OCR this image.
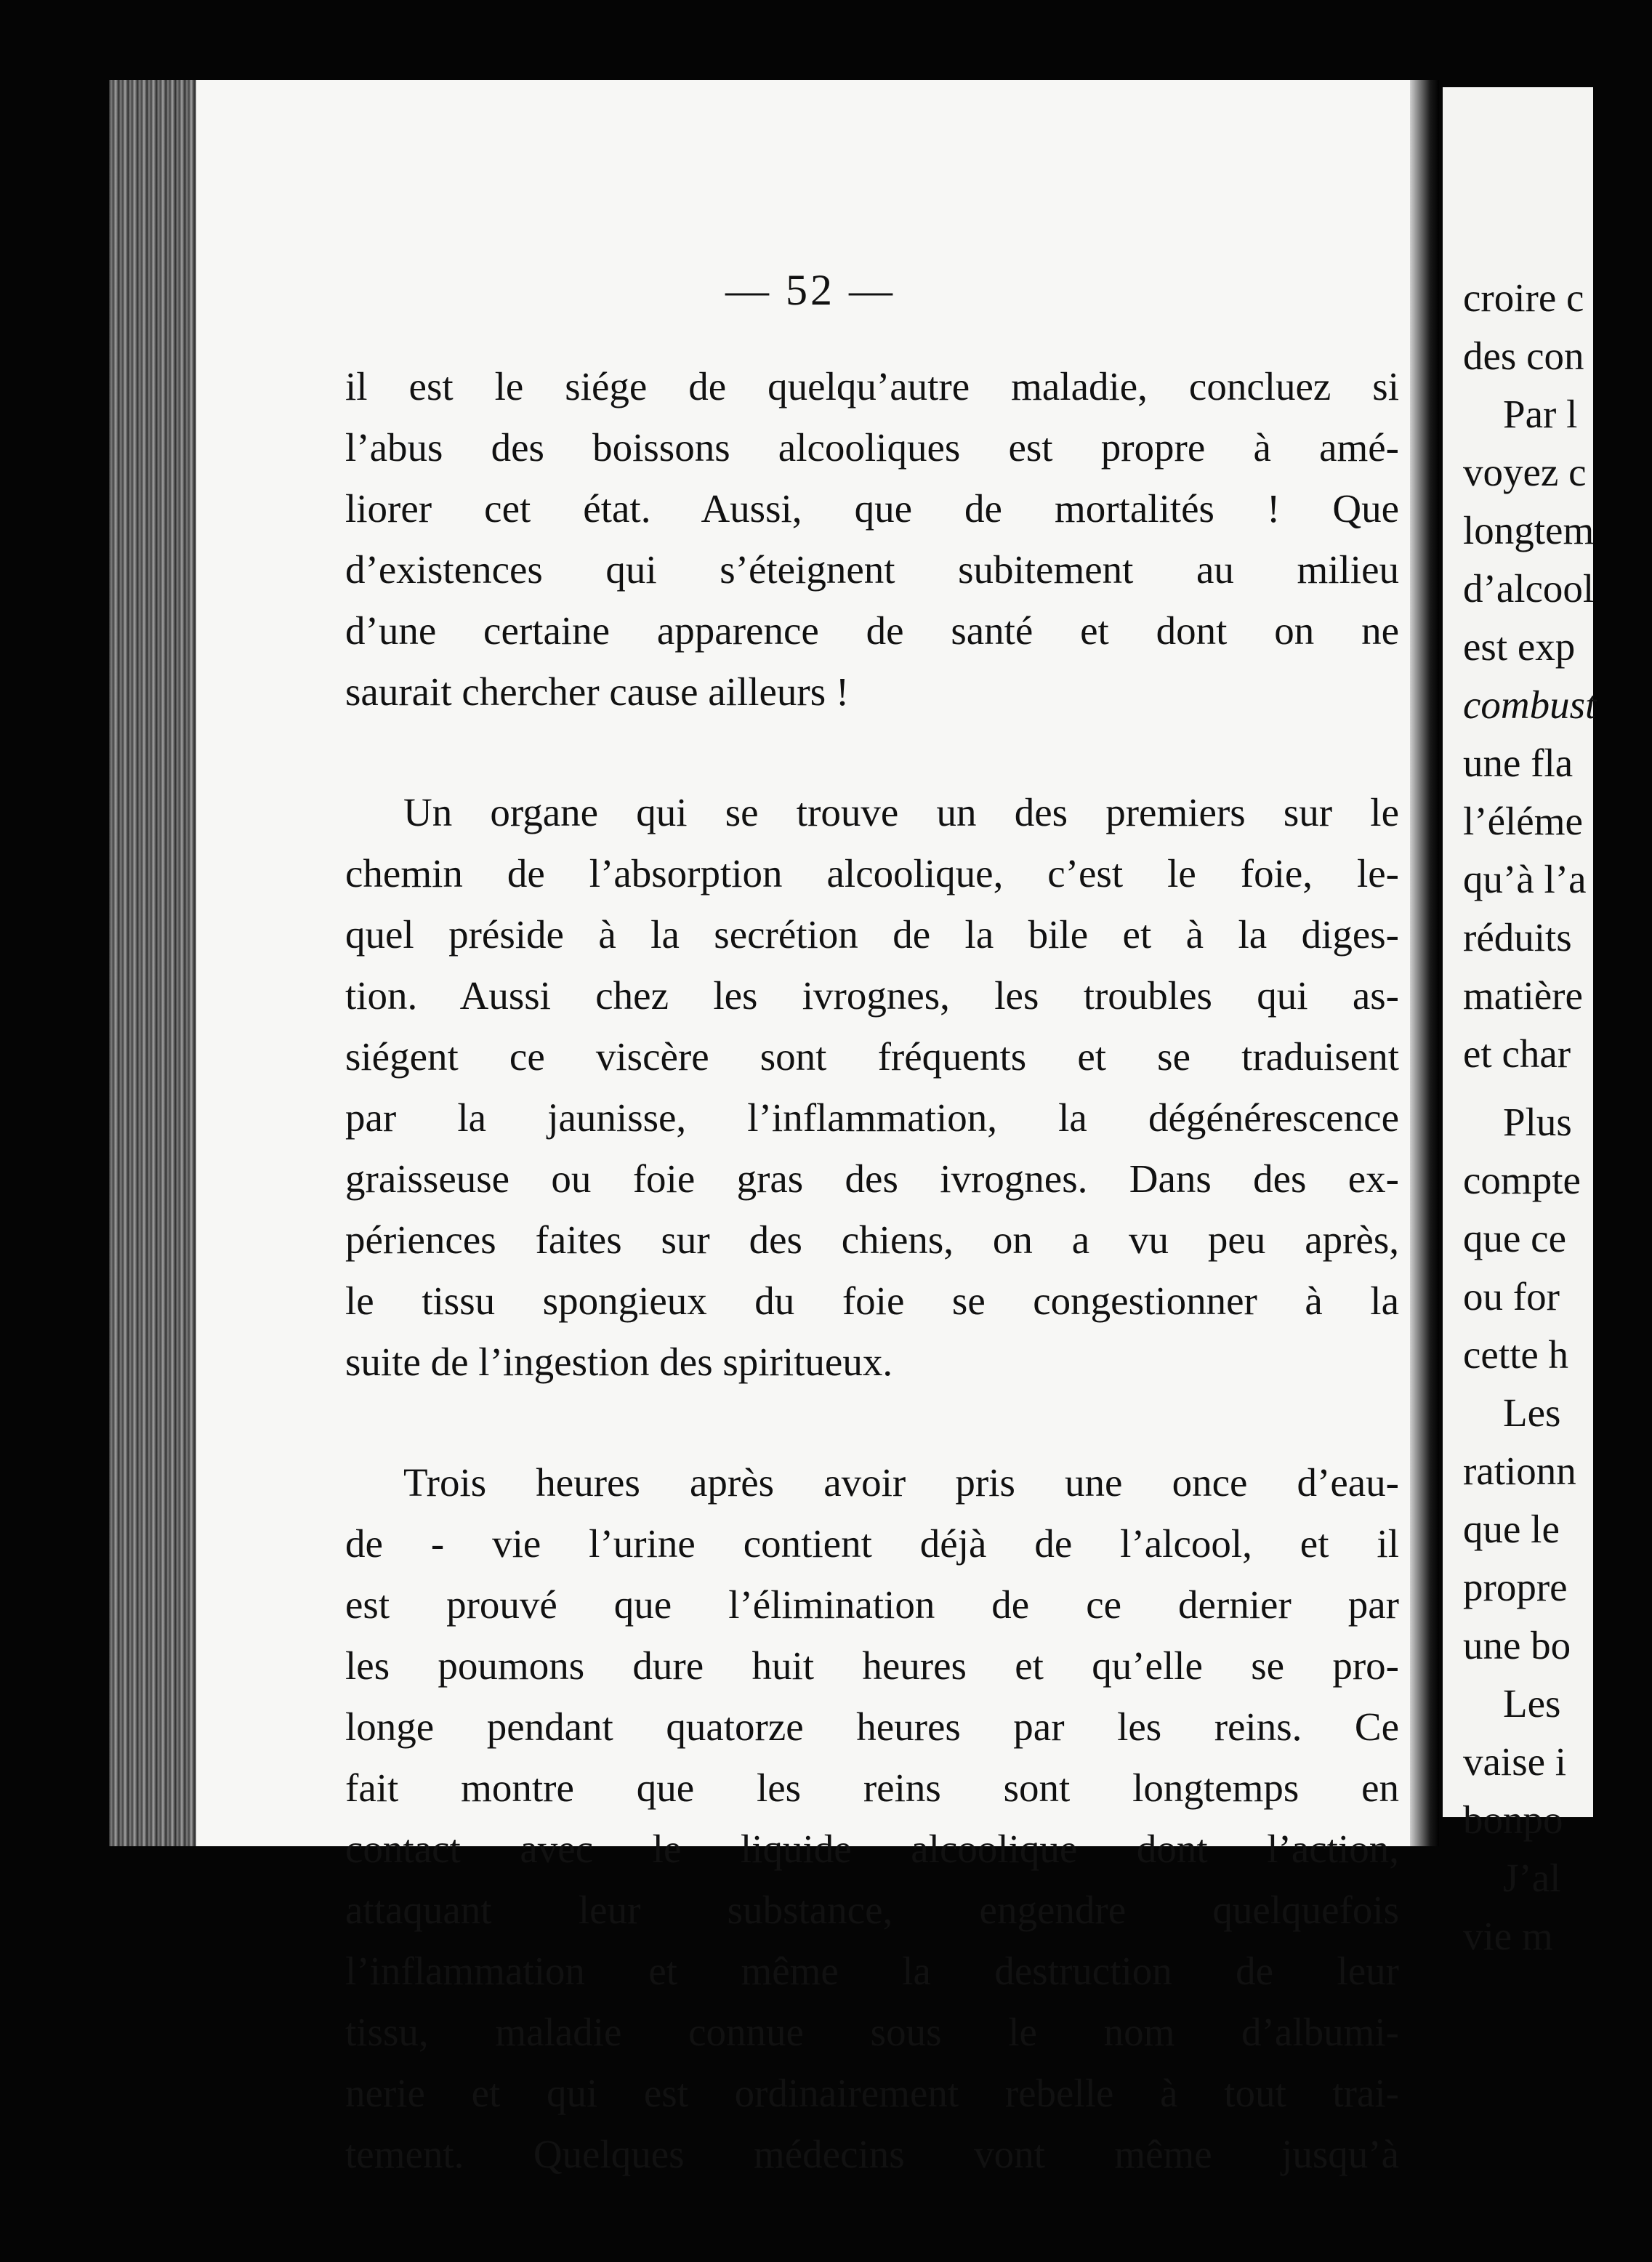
— 52 —

il est le siége de quelqu’autre maladie, concluez si
l’abus des boissons alcooliques est propre à amé-
liorer cet état. Aussi, que de mortalités ! Que
d’existences qui s’éteignent subitement au milieu
d’une certaine apparence de santé et dont on ne
saurait chercher cause ailleurs !

Un organe qui se trouve un des premiers sur le
chemin de l’absorption alcoolique, c’est le foie, le-
quel préside à la secrétion de la bile et à la diges-
tion. Aussi chez les ivrognes, les troubles qui as-
siégent ce viscère sont fréquents et se traduisent
par la jaunisse, l’inflammation, la dégénérescence
graisseuse ou foie gras des ivrognes. Dans des ex-
périences faites sur des chiens, on a vu peu après,
le tissu spongieux du foie se congestionner à la
suite de l’ingestion des spiritueux.

Trois heures après avoir pris une once d’eau-
de - vie l’urine contient déjà de l’alcool, et il
est prouvé que l’élimination de ce dernier par
les poumons dure huit heures et qu’elle se pro-
longe pendant quatorze heures par les reins. Ce
fait montre que les reins sont longtemps en
contact avec le liquide alcoolique dont l’action,
attaquant leur substance, engendre quelquefois
l’inflammation et même la destruction de leur
tissu, maladie connue sous le nom d’albumi-
nerie et qui est ordinairement rebelle à tout trai-
tement. Quelques médecins vont même jusqu’à

croire c
des con
Par l
voyez c
longtem
d’alcool
est exp
combust
une fla
l’éléme
qu’à l’a
réduits
matière
et char
Plus
compte
que ce
ou for
cette h
Les
rationn
que le
propre
une bo
Les
vaise i
bonpo
J’al
vie m
